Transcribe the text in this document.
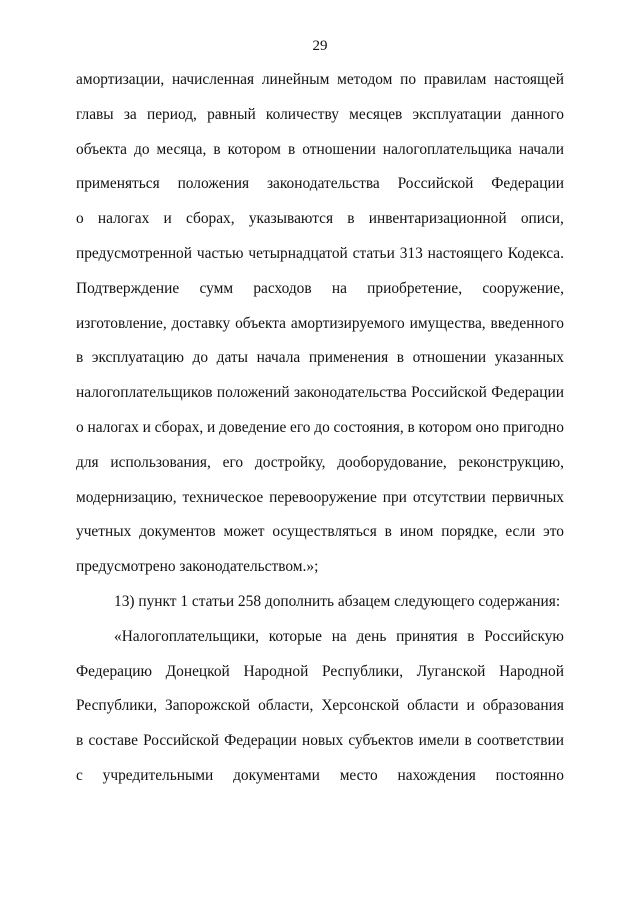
29
амортизации, начисленная линейным методом по правилам настоящей
главы за период, равный количеству месяцев эксплуатации данного
объекта до месяца, в котором в отношении налогоплательщика начали
применяться положения законодательства Российской Федерации
о налогах и сборах, указываются в инвентаризационной описи,
предусмотренной частью четырнадцатой статьи 313 настоящего Кодекса.
Подтверждение сумм расходов на приобретение, сооружение,
изготовление, доставку объекта амортизируемого имущества, введенного
в эксплуатацию до даты начала применения в отношении указанных
налогоплательщиков положений законодательства Российской Федерации
о налогах и сборах, и доведение его до состояния, в котором оно пригодно
для использования, его достройку, дооборудование, реконструкцию,
модернизацию, техническое перевооружение при отсутствии первичных
учетных документов может осуществляться в ином порядке, если это
предусмотрено законодательством.»;
13) пункт 1 статьи 258 дополнить абзацем следующего содержания:
«Налогоплательщики, которые на день принятия в Российскую
Федерацию Донецкой Народной Республики, Луганской Народной
Республики, Запорожской области, Херсонской области и образования
в составе Российской Федерации новых субъектов имели в соответствии
с учредительными документами место нахождения постоянно
